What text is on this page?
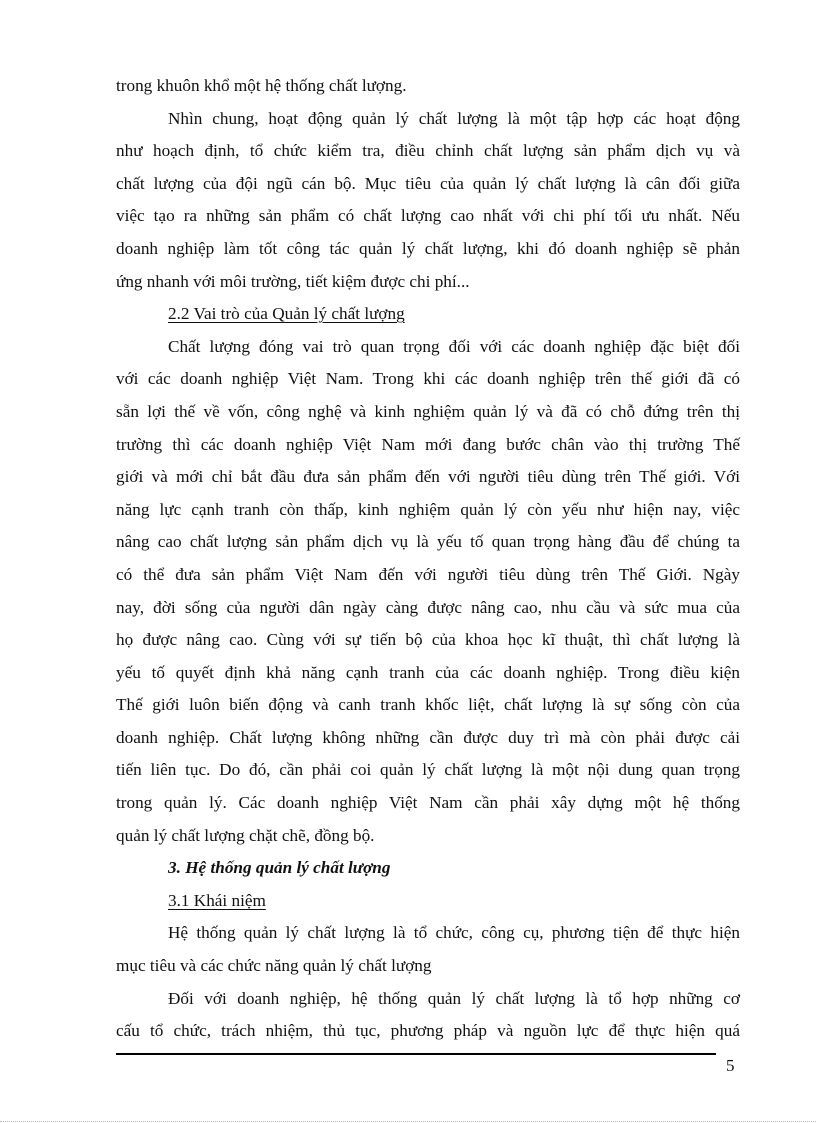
trong khuôn khổ một hệ thống chất lượng.
Nhìn chung, hoạt động quản lý chất lượng là một tập hợp các hoạt động
như hoạch định, tổ chức kiểm tra, điều chỉnh chất lượng sản phẩm dịch vụ và
chất lượng của đội ngũ cán bộ. Mục tiêu của quản lý chất lượng là cân đối giữa
việc tạo ra những sản phẩm có chất lượng cao nhất với chi phí tối ưu nhất. Nếu
doanh nghiệp làm tốt công tác quản lý chất lượng, khi đó doanh nghiệp sẽ phản
ứng nhanh với môi trường, tiết kiệm được chi phí...
2.2 Vai trò của Quản lý chất lượng
Chất lượng đóng vai trò quan trọng đối với các doanh nghiệp đặc biệt đối
với các doanh nghiệp Việt Nam. Trong khi các doanh nghiệp trên thế giới đã có
sẵn lợi thế về vốn, công nghệ và kinh nghiệm quản lý và đã có chỗ đứng trên thị
trường thì các doanh nghiệp Việt Nam mới đang bước chân vào thị trường Thế
giới và mới chỉ bắt đầu đưa sản phẩm đến với người tiêu dùng trên Thế giới. Với
năng lực cạnh tranh còn thấp, kinh nghiệm quản lý còn yếu như hiện nay, việc
nâng cao chất lượng sản phẩm dịch vụ là yếu tố quan trọng hàng đầu để chúng ta
có thể đưa sản phẩm Việt Nam đến với người tiêu dùng trên Thế Giới. Ngày
nay, đời sống của người dân ngày càng được nâng cao, nhu cầu và sức mua của
họ được nâng cao. Cùng với sự tiến bộ của khoa học kĩ thuật, thì chất lượng là
yếu tố quyết định khả năng cạnh tranh của các doanh nghiệp. Trong điều kiện
Thế giới luôn biến động và canh tranh khốc liệt, chất lượng là sự sống còn của
doanh nghiệp. Chất lượng không những cần được duy trì mà còn phải được cải
tiến liên tục. Do đó, cần phải coi quản lý chất lượng là một nội dung quan trọng
trong quản lý. Các doanh nghiệp Việt Nam cần phải xây dựng một hệ thống
quản lý chất lượng chặt chẽ, đồng bộ.
3. Hệ thống quản lý chất lượng
3.1 Khái niệm
Hệ thống quản lý chất lượng là tổ chức, công cụ, phương tiện để thực hiện
mục tiêu và các chức năng quản lý chất lượng
Đối với doanh nghiệp, hệ thống quản lý chất lượng là tổ hợp những cơ
cấu tổ chức, trách nhiệm, thủ tục, phương pháp và nguồn lực để thực hiện quá
5
